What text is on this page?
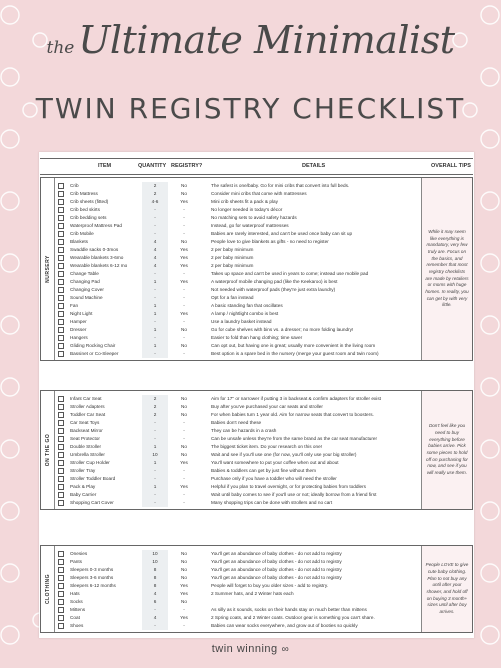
the Ultimate Minimalist
TWIN REGISTRY CHECKLIST
ITEM	QUANTITY REGISTRY?	DETAILS	OVERALL TIPS
NURSERY
Crib	2	No	The safest is one/baby. Go for mini cribs that convert into full beds.
Crib Mattress	2	No	Consider mini cribs that come with mattresses
Crib sheets (fitted)	4-6	Yes	Mini crib sheets fit a pack & play
Crib bed skirts	-	-	No longer needed in today's décor
Crib bedding sets	-	-	No matching sets to avoid safety hazards
Waterproof Mattress Pad	-	-	Instead, go for waterproof mattresses
Crib Mobile	-	-	Babies are rarely interested, and can't be used once baby can sit up
Blankets	4	No	People love to give blankets as gifts - no need to register
Swaddle sacks 0-3mos	4	Yes	2 per baby minimum
Wearable blankets 3-6mo	4	Yes	2 per baby minimum
Wearable blankets 6-12 mo	4	Yes	2 per baby minimum
Change Table	-	-	Takes up space and can't be used in years to come; instead use mobile pad
Changing Pad	1	Yes	A waterproof mobile changing pad (like the Keekaroo) is best
Changing Cover	-	-	Not needed with waterproof pads (they're just extra laundry)
Sound Machine	-	-	Opt for a fan instead
Fan	1	-	A basic standing fan that oscillates
Night Light	1	Yes	A lamp / nightlight combo is best
Hamper	-	-	Use a laundry basket instead
Dresser	1	No	Go for cube shelves with bins vs. a dresser; no more folding laundry!
Hangers	-	-	Easier to fold than hang clothing; time saver
Gliding Rocking Chair	1	No	Can opt out, but having one is great; usually more convenient in the living room
Bassinet or Co-Sleeper	-	-	Best option is a spare bed in the nursery (merge your guest room and twin room)
While it may seem like everything is mandatory, very few truly are. Focus on the basics, and remember that most registry checklists are made by retailers or moms with huge homes. In reality, you can get by with very little.
ON THE GO
Infant Car Seat	2	No	Aim for 17" or narrower if putting 3 in backseat & confirm adapters for stroller exist
Stroller Adapters	2	No	Buy after you've purchased your car seats and stroller
Toddler Car Seat	2	No	For when babies turn 1 year old. Aim for narrow seats that convert to boosters.
Car Seat Toys	-	-	Babies don't need these
Backseat Mirror	-	-	They can be hazards in a crash
Seat Protector	-	-	Can be unsafe unless they're from the same brand as the car seat manufacturer
Double Stroller	1	No	The biggest ticket item. Do your research on this one!
Umbrella Stroller	10	No	Wait and see if you'll use one (for now, you'll only use your big stroller)
Stroller Cup Holder	1	Yes	You'll want somewhere to put your coffee when out and about
Stroller Tray	-	-	Babies & toddlers can get by just fine without them
Stroller Toddler Board	-	-	Purchase only if you have a toddler who will need the stroller
Pack & Play	1	Yes	Helpful if you plan to travel overnight, or for protecting babies from toddlers
Baby Carrier	-	-	Wait until baby comes to see if you'll use or not; ideally borrow from a friend first
Shopping Cart Cover	-	-	Many shopping trips can be done with strollers and no cart
Don't feel like you need to buy everything before babies arrive. Pick some pieces to hold off on purchasing for now, and see if you will really use them.
CLOTHING
Onesies	10	No	You'll get an abundance of baby clothes - do not add to registry
Pants	10	No	You'll get an abundance of baby clothes - do not add to registry
Sleepers 0-3 months	8	No	You'll get an abundance of baby clothes - do not add to registry
Sleepers 3-6 months	8	No	You'll get an abundance of baby clothes - do not add to registry
Sleepers 6-12 months	8	Yes	People will forget to buy you older sizes - add to registry.
Hats	4	Yes	2 Summer hats, and 2 Winter hats each
Socks	6	No
Mittens	-	-	As silly as it sounds, socks on their hands stay on much better than mittens
Coat	4	Yes	2 Spring coats, and 2 Winter coats. Outdoor gear is something you can't share.
Shoes	-	-	Babies can wear socks everywhere, and grow out of booties so quickly
People LOVE to give cute baby clothing. Plan to not buy any until after your shower, and hold off on buying 3 month+ sizes until after boy arrives.
twin winning ∞
